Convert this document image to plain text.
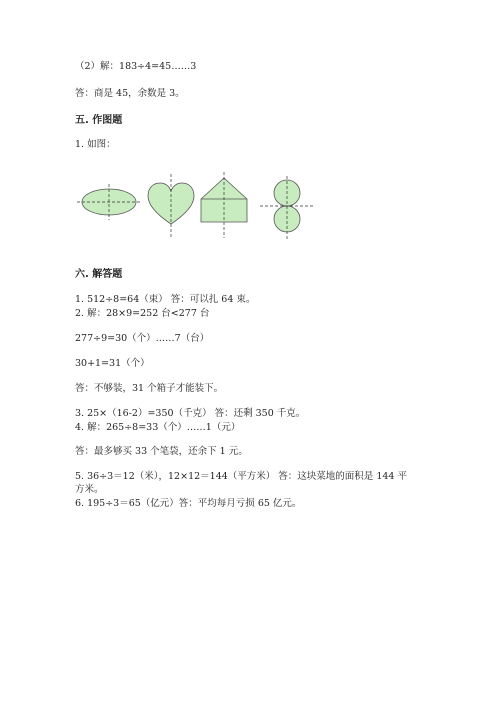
（2）解：183÷4=45……3
答：商是 45，余数是 3。
五. 作图题
1. 如图：
六. 解答题
1. 512÷8=64（束） 答：可以扎 64 束。
2. 解：28×9=252 台<277 台
277÷9=30（个）……7（台）
30+1=31（个）
答：不够装，31 个箱子才能装下。
3. 25×（16-2）=350（千克） 答：还剩 350 千克。
4. 解：265÷8=33（个）……1（元）
答：最多够买 33 个笔袋，还余下 1 元。
5. 36÷3＝12（米），12×12＝144（平方米） 答：这块菜地的面积是 144 平
方米。
6. 195÷3＝65（亿元）答：平均每月亏损 65 亿元。
